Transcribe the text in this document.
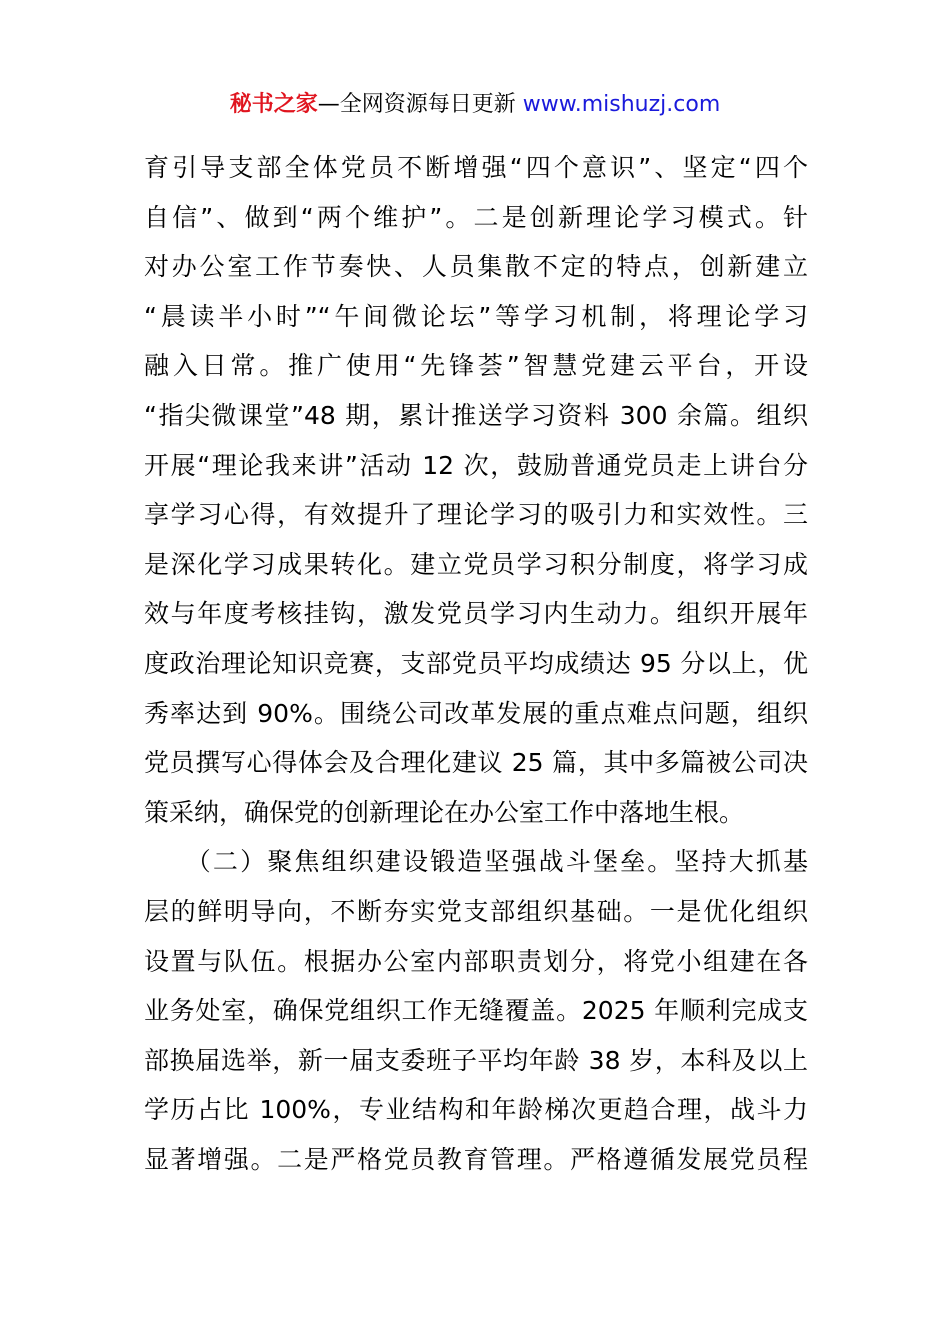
秘书之家—全网资源每日更新 www.mishuzj.com
育引导支部全体党员不断增强“四个意识”、坚定“四个
自信”、做到“两个维护”。二是创新理论学习模式。针
对办公室工作节奏快、人员集散不定的特点，创新建立
“晨读半小时”“午间微论坛”等学习机制，将理论学习
融入日常。推广使用“先锋荟”智慧党建云平台，开设
“指尖微课堂”48 期，累计推送学习资料 300 余篇。组织
开展“理论我来讲”活动 12 次，鼓励普通党员走上讲台分
享学习心得，有效提升了理论学习的吸引力和实效性。三
是深化学习成果转化。建立党员学习积分制度，将学习成
效与年度考核挂钩，激发党员学习内生动力。组织开展年
度政治理论知识竞赛，支部党员平均成绩达 95 分以上，优
秀率达到 90%。围绕公司改革发展的重点难点问题，组织
党员撰写心得体会及合理化建议 25 篇，其中多篇被公司决
策采纳，确保党的创新理论在办公室工作中落地生根。
　　（二）聚焦组织建设锻造坚强战斗堡垒。坚持大抓基
层的鲜明导向，不断夯实党支部组织基础。一是优化组织
设置与队伍。根据办公室内部职责划分，将党小组建在各
业务处室，确保党组织工作无缝覆盖。2025 年顺利完成支
部换届选举，新一届支委班子平均年龄 38 岁，本科及以上
学历占比 100%，专业结构和年龄梯次更趋合理，战斗力
显著增强。二是严格党员教育管理。严格遵循发展党员程
